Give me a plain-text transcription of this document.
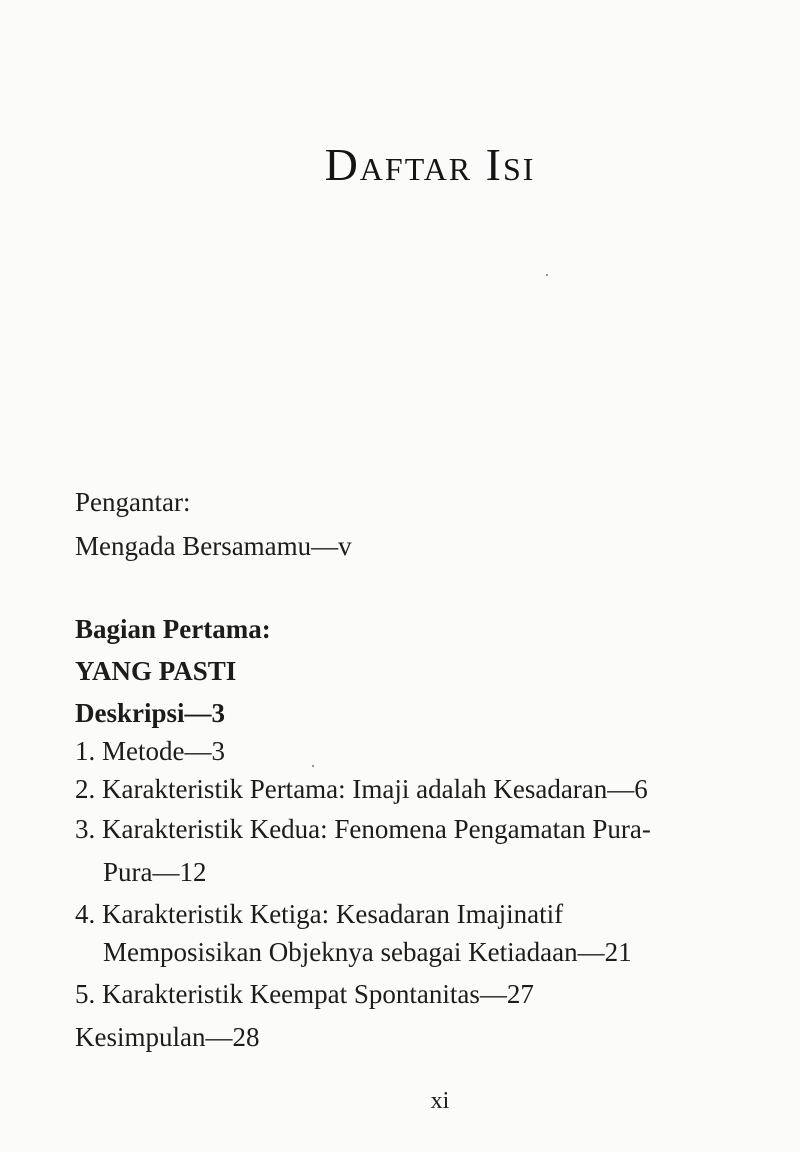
Daftar Isi
Pengantar:
Mengada Bersamamu—v
Bagian Pertama:
YANG PASTI
Deskripsi—3
1. Metode—3
2. Karakteristik Pertama: Imaji adalah Kesadaran—6
3. Karakteristik Kedua: Fenomena Pengamatan Pura-
Pura—12
4. Karakteristik Ketiga: Kesadaran Imajinatif
Memposisikan Objeknya sebagai Ketiadaan—21
5. Karakteristik Keempat Spontanitas—27
Kesimpulan—28
xi
